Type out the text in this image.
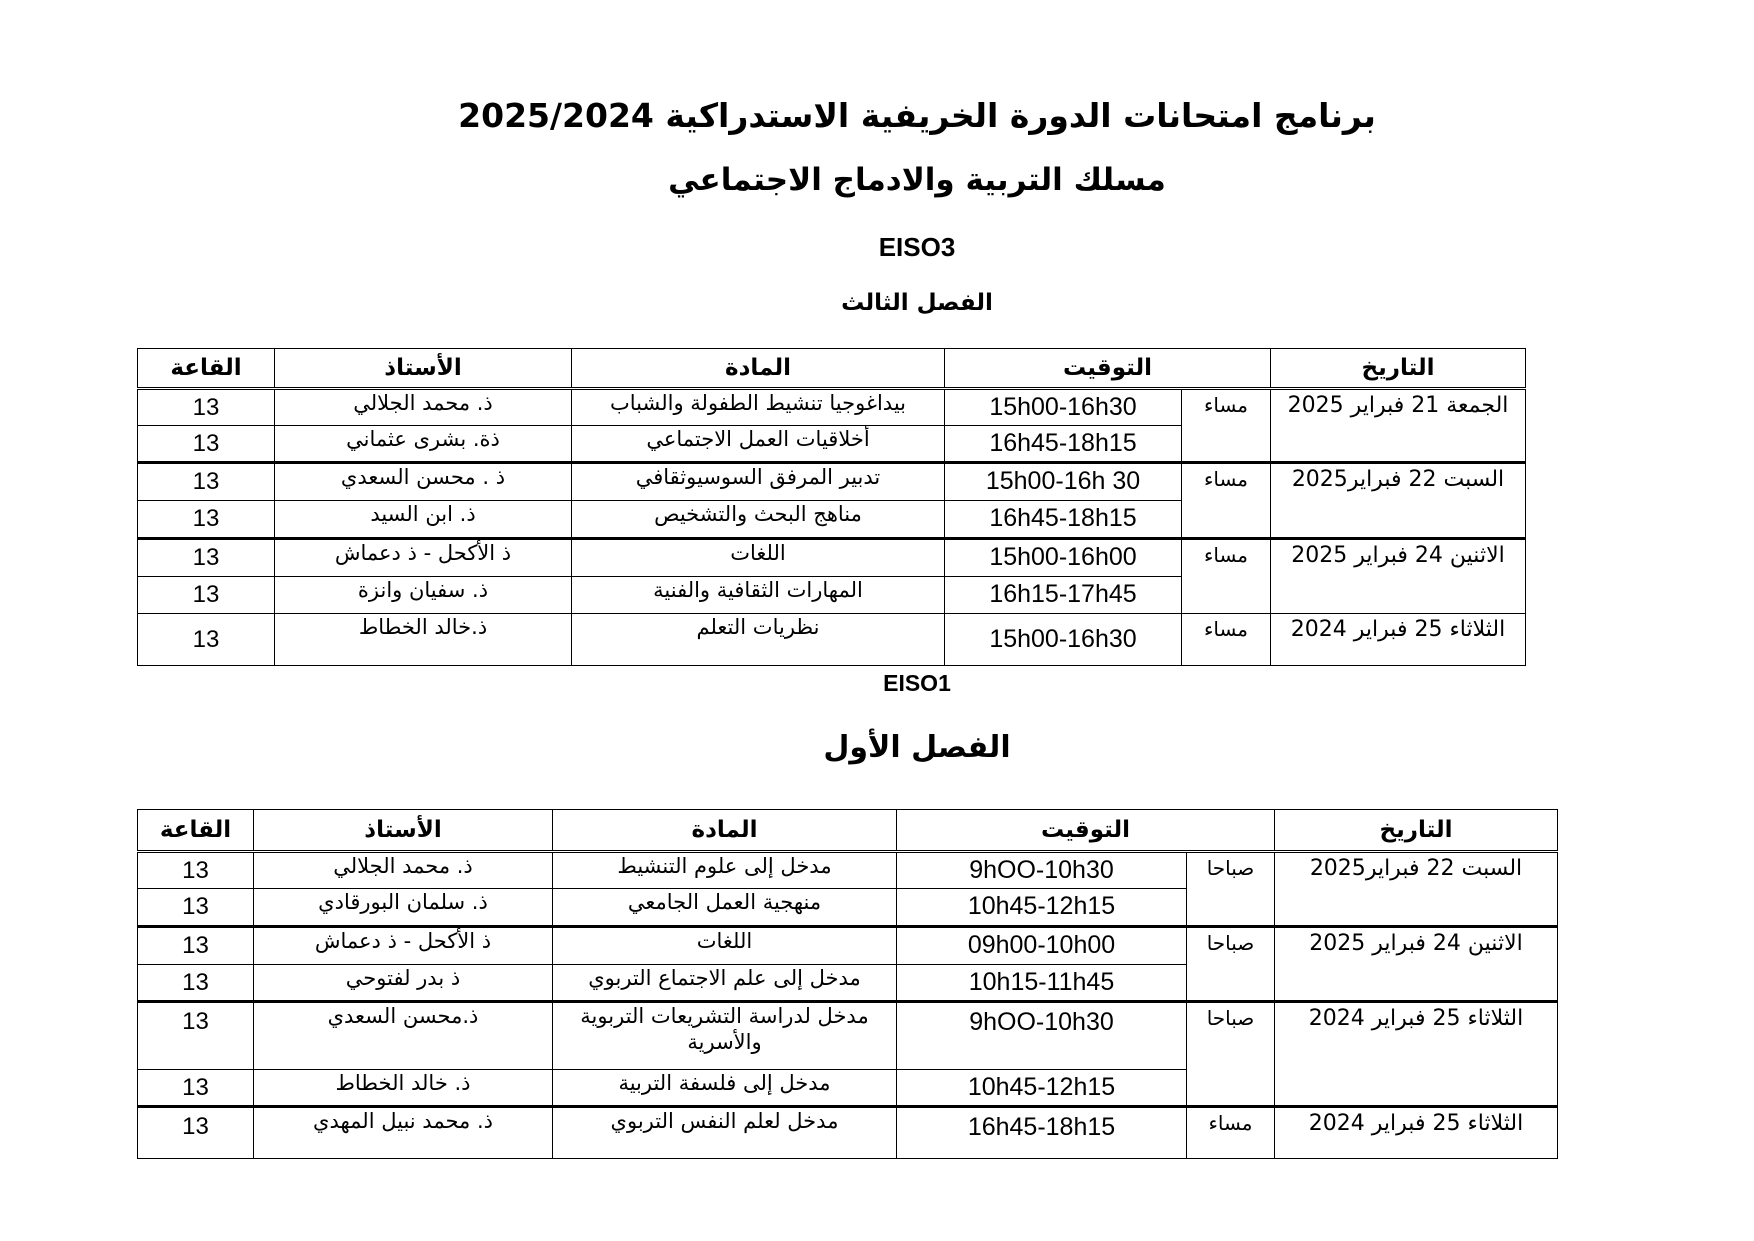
برنامج امتحانات الدورة الخريفية الاستدراكية 2025/2024
مسلك التربية والادماج الاجتماعي
EISO3
الفصل الثالث
التاريخ	التوقيت		المادة	الأستاذ	القاعة
الجمعة 21 فبراير 2025	مساء	15h00-16h30	بيداغوجيا تنشيط الطفولة والشباب	ذ. محمد الجلالي	13
		16h45-18h15	أخلاقيات العمل الاجتماعي	ذة. بشرى عثماني	13
السبت 22 فبراير2025	مساء	15h00-16h 30	تدبير المرفق السوسيوثقافي	ذ . محسن السعدي	13
		16h45-18h15	مناهج البحث والتشخيص	ذ. ابن السيد	13
الاثنين 24 فبراير 2025	مساء	15h00-16h00	اللغات	ذ الأكحل - ذ دعماش	13
		16h15-17h45	المهارات الثقافية والفنية	ذ. سفيان وانزة	13
الثلاثاء 25 فبراير 2024	مساء	15h00-16h30	نظريات التعلم	ذ.خالد الخطاط	13
EISO1
الفصل الأول
التاريخ	التوقيت		المادة	الأستاذ	القاعة
السبت 22 فبراير2025	صباحا	9hOO-10h30	مدخل إلى علوم التنشيط	ذ. محمد الجلالي	13
		10h45-12h15	منهجية العمل الجامعي	ذ. سلمان البورقادي	13
الاثنين 24 فبراير 2025	صباحا	09h00-10h00	اللغات	ذ الأكحل - ذ دعماش	13
		10h15-11h45	مدخل إلى علم الاجتماع التربوي	ذ بدر لفتوحي	13
الثلاثاء 25 فبراير 2024	صباحا	9hOO-10h30	مدخل لدراسة التشريعات التربوية والأسرية	ذ.محسن السعدي	13
		10h45-12h15	مدخل إلى فلسفة التربية	ذ. خالد الخطاط	13
الثلاثاء 25 فبراير 2024	مساء	16h45-18h15	مدخل لعلم النفس التربوي	ذ. محمد نبيل المهدي	13
